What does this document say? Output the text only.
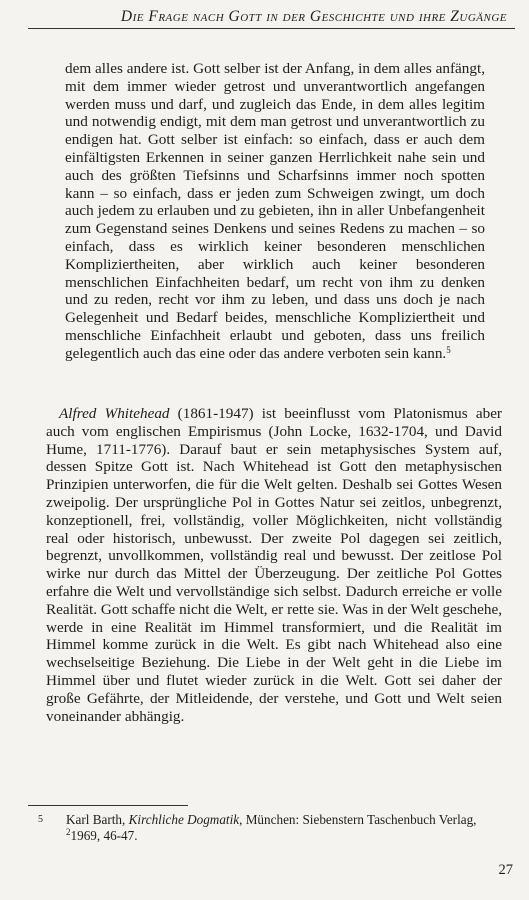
Die Frage nach Gott in der Geschichte und ihre Zugänge

dem alles andere ist. Gott selber ist der Anfang, in dem alles anfängt, mit dem immer wieder getrost und unverantwortlich angefangen werden muss und darf, und zugleich das Ende, in dem alles legitim und notwendig endigt, mit dem man getrost und unverantwortlich zu endigen hat. Gott selber ist einfach: so einfach, dass er auch dem einfältigsten Erkennen in seiner ganzen Herrlichkeit nahe sein und auch des größten Tiefsinns und Scharfsinns immer noch spotten kann – so einfach, dass er jeden zum Schweigen zwingt, um doch auch jedem zu erlauben und zu gebieten, ihn in aller Unbefangenheit zum Gegenstand seines Denkens und seines Redens zu machen – so einfach, dass es wirklich keiner besonderen menschlichen Kompliziertheiten, aber wirklich auch keiner besonderen menschlichen Einfachheiten bedarf, um recht von ihm zu denken und zu reden, recht vor ihm zu leben, und dass uns doch je nach Gelegenheit und Bedarf beides, menschliche Kompliziertheit und menschliche Einfachheit erlaubt und geboten, dass uns freilich gelegentlich auch das eine oder das andere verboten sein kann.$^5$

Alfred Whitehead (1861-1947) ist beeinflusst vom Platonismus aber auch vom englischen Empirismus (John Locke, 1632-1704, und David Hume, 1711-1776). Darauf baut er sein metaphysisches System auf, dessen Spitze Gott ist. Nach Whitehead ist Gott den metaphysischen Prinzipien unterworfen, die für die Welt gelten. Deshalb sei Gottes Wesen zweipolig. Der ursprüngliche Pol in Gottes Natur sei zeitlos, unbegrenzt, konzeptionell, frei, vollständig, voller Möglichkeiten, nicht vollständig real oder historisch, unbewusst. Der zweite Pol dagegen sei zeitlich, begrenzt, unvollkommen, vollständig real und bewusst. Der zeitlose Pol wirke nur durch das Mittel der Überzeugung. Der zeitliche Pol Gottes erfahre die Welt und vervollständige sich selbst. Dadurch erreiche er volle Realität. Gott schaffe nicht die Welt, er rette sie. Was in der Welt geschehe, werde in eine Realität im Himmel transformiert, und die Realität im Himmel komme zurück in die Welt. Es gibt nach Whitehead also eine wechselseitige Beziehung. Die Liebe in der Welt geht in die Liebe im Himmel über und flutet wieder zurück in die Welt. Gott sei daher der große Gefährte, der Mitleidende, der verstehe, und Gott und Welt seien voneinander abhängig.

5 Karl Barth, Kirchliche Dogmatik, München: Siebenstern Taschenbuch Verlag, $^2$1969, 46-47.
27
